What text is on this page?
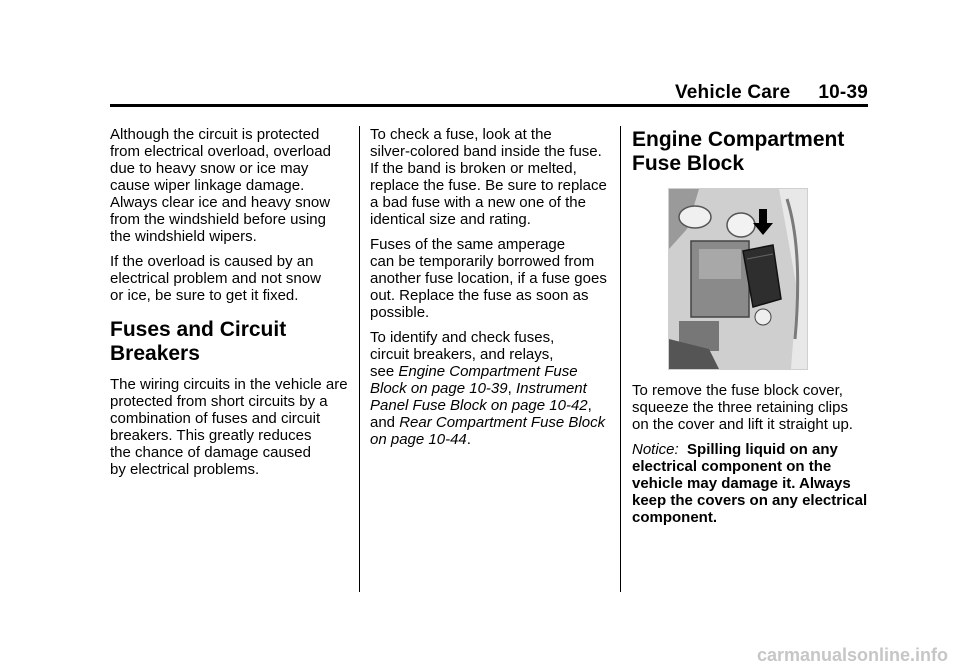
Vehicle Care 10-39

Although the circuit is protected
from electrical overload, overload
due to heavy snow or ice may
cause wiper linkage damage.
Always clear ice and heavy snow
from the windshield before using
the windshield wipers.

If the overload is caused by an
electrical problem and not snow
or ice, be sure to get it fixed.

Fuses and Circuit
Breakers

The wiring circuits in the vehicle are
protected from short circuits by a
combination of fuses and circuit
breakers. This greatly reduces
the chance of damage caused
by electrical problems.

To check a fuse, look at the
silver-colored band inside the fuse.
If the band is broken or melted,
replace the fuse. Be sure to replace
a bad fuse with a new one of the
identical size and rating.

Fuses of the same amperage
can be temporarily borrowed from
another fuse location, if a fuse goes
out. Replace the fuse as soon as
possible.

To identify and check fuses,
circuit breakers, and relays,
see Engine Compartment Fuse
Block on page 10-39, Instrument
Panel Fuse Block on page 10-42,
and Rear Compartment Fuse Block
on page 10-44.

Engine Compartment
Fuse Block

To remove the fuse block cover,
squeeze the three retaining clips
on the cover and lift it straight up.

Notice: Spilling liquid on any
electrical component on the
vehicle may damage it. Always
keep the covers on any electrical
component.

carmanualsonline.info
